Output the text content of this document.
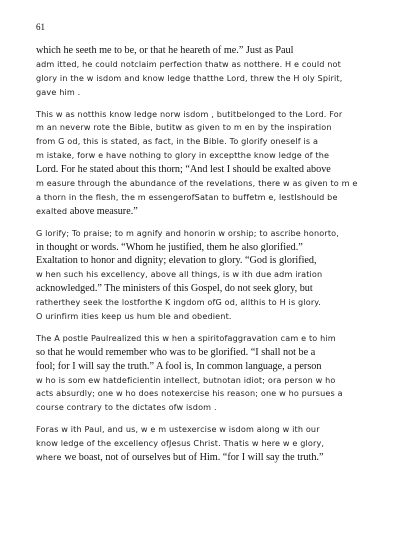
61
which he seeth me to be, or that he heareth of me.” Just as Paul
adm itted, he could notclaim perfection thatw as notthere. H e could not
glory in the w isdom and know ledge thatthe Lord, threw the H oly Spirit,
gave him .
This w as notthis know ledge norw isdom , butitbelonged to the Lord. For
m an neverw rote the Bible, butitw as given to m en by the inspiration
from G od, this is stated, as fact, in the Bible. To glorify oneself is a
m istake, forw e have nothing to glory in exceptthe know ledge of the
Lord. For he stated about this thorn; “And lest I should be exalted above
m easure through the abundance of the revelations, there w as given to m e
a thorn in the flesh, the m essengerofSatan to buffetm e, lestIshould be
exalted above measure.”
G lorify; To praise; to m agnify and honorin w orship; to ascribe honorto,
in thought or words. “Whom he justified, them he also glorified.”
Exaltation to honor and dignity; elevation to glory. “God is glorified,
w hen such his excellency, above all things, is w ith due adm iration
acknowledged.” The ministers of this Gospel, do not seek glory, but
ratherthey seek the lostforthe K ingdom ofG od, allthis to H is glory.
O urinfirm ities keep us hum ble and obedient.
The A postle Paulrealized this w hen a spiritofaggravation cam e to him
so that he would remember who was to be glorified. “I shall not be a
fool; for I will say the truth.” A fool is, In common language, a person
w ho is som ew hatdeficientin intellect, butnotan idiot; ora person w ho
acts absurdly; one w ho does notexercise his reason; one w ho pursues a
course contrary to the dictates ofw isdom .
Foras w ith Paul, and us, w e m ustexercise w isdom along w ith our
know ledge of the excellency ofJesus Christ. Thatis w here w e glory,
where we boast, not of ourselves but of Him. “for I will say the truth.”
